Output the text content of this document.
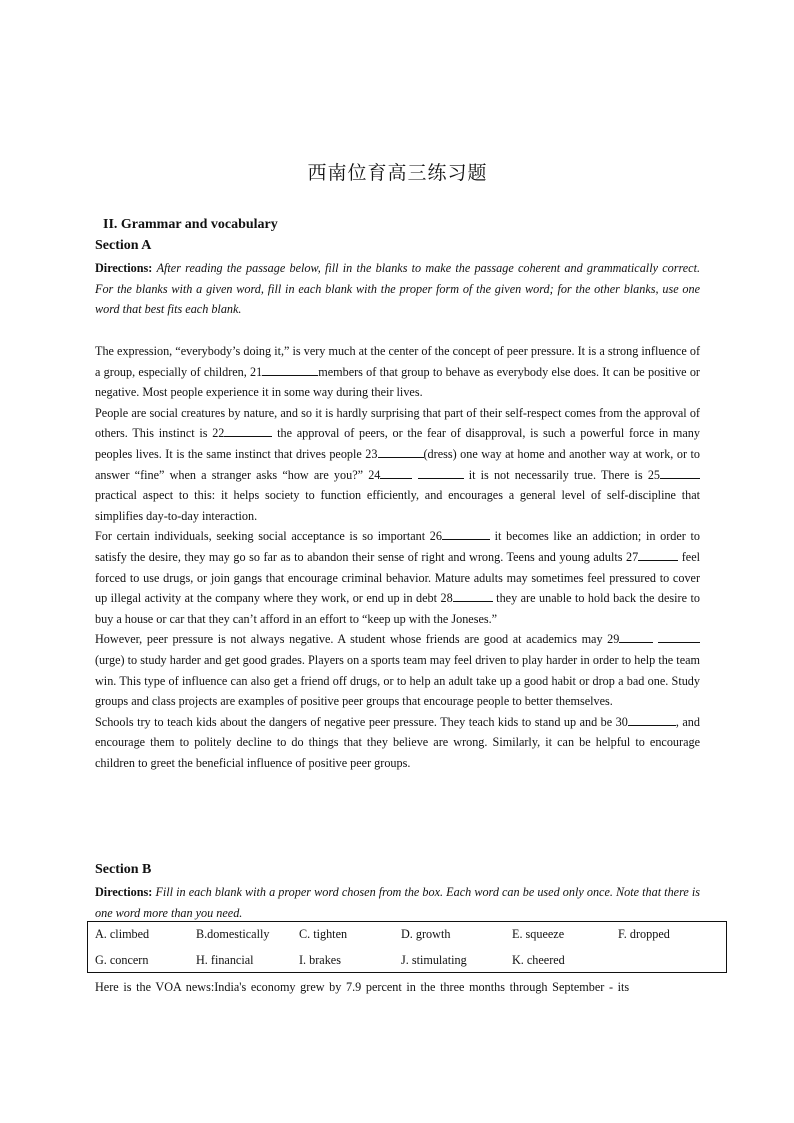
西南位育高三练习题
II. Grammar and vocabulary
Section A
Directions: After reading the passage below, fill in the blanks to make the passage coherent and grammatically correct. For the blanks with a given word, fill in each blank with the proper form of the given word; for the other blanks, use one word that best fits each blank.

The expression, “everybody’s doing it,” is very much at the center of the concept of peer pressure. It is a strong influence of a group, especially of children, 21	members of that group to behave as everybody else does. It can be positive or negative. Most people experience it in some way during their lives.

People are social creatures by nature, and so it is hardly surprising that part of their self-respect comes from the approval of others. This instinct is 22	the approval of peers, or the fear of disapproval, is such a powerful force in many peoples lives. It is the same instinct that drives people 23	(dress) one way at home and another way at work, or to answer “fine” when a stranger asks “how are you?” 24	it is not necessarily true. There is 25 practical aspect to this: it helps society to function efficiently, and encourages a general level of self-discipline that simplifies day-to-day interaction.

For certain individuals, seeking social acceptance is so important 26	it becomes like an addiction; in order to satisfy the desire, they may go so far as to abandon their sense of right and wrong. Teens and young adults 27	feel forced to use drugs, or join gangs that encourage criminal behavior. Mature adults may sometimes feel pressured to cover up illegal activity at the company where they work, or end up in debt 28	they are unable to hold back the desire to buy a house or car that they can’t afford in an effort to “keep up with the Joneses.”

However, peer pressure is not always negative. A student whose friends are good at academics may 29  (urge) to study harder and get good grades. Players on a sports team may feel driven to play harder in order to help the team win. This type of influence can also get a friend off drugs, or to help an adult take up a good habit or drop a bad one. Study groups and class projects are examples of positive peer groups that encourage people to better themselves.

Schools try to teach kids about the dangers of negative peer pressure. They teach kids to stand up and be 30	, and encourage them to politely decline to do things that they believe are wrong. Similarly, it can be helpful to encourage children to greet the beneficial influence of positive peer groups.

Section B
Directions: Fill in each blank with a proper word chosen from the box. Each word can be used only once. Note that there is one word more than you need.
Here is the VOA news:India's economy grew by 7.9 percent in the three months through September - its
A. climbed	B.domestically C. tighten	D. growth	E. squeeze	F. dropped
G. concern	H. financial	I. brakes	J. stimulating	K. cheered
